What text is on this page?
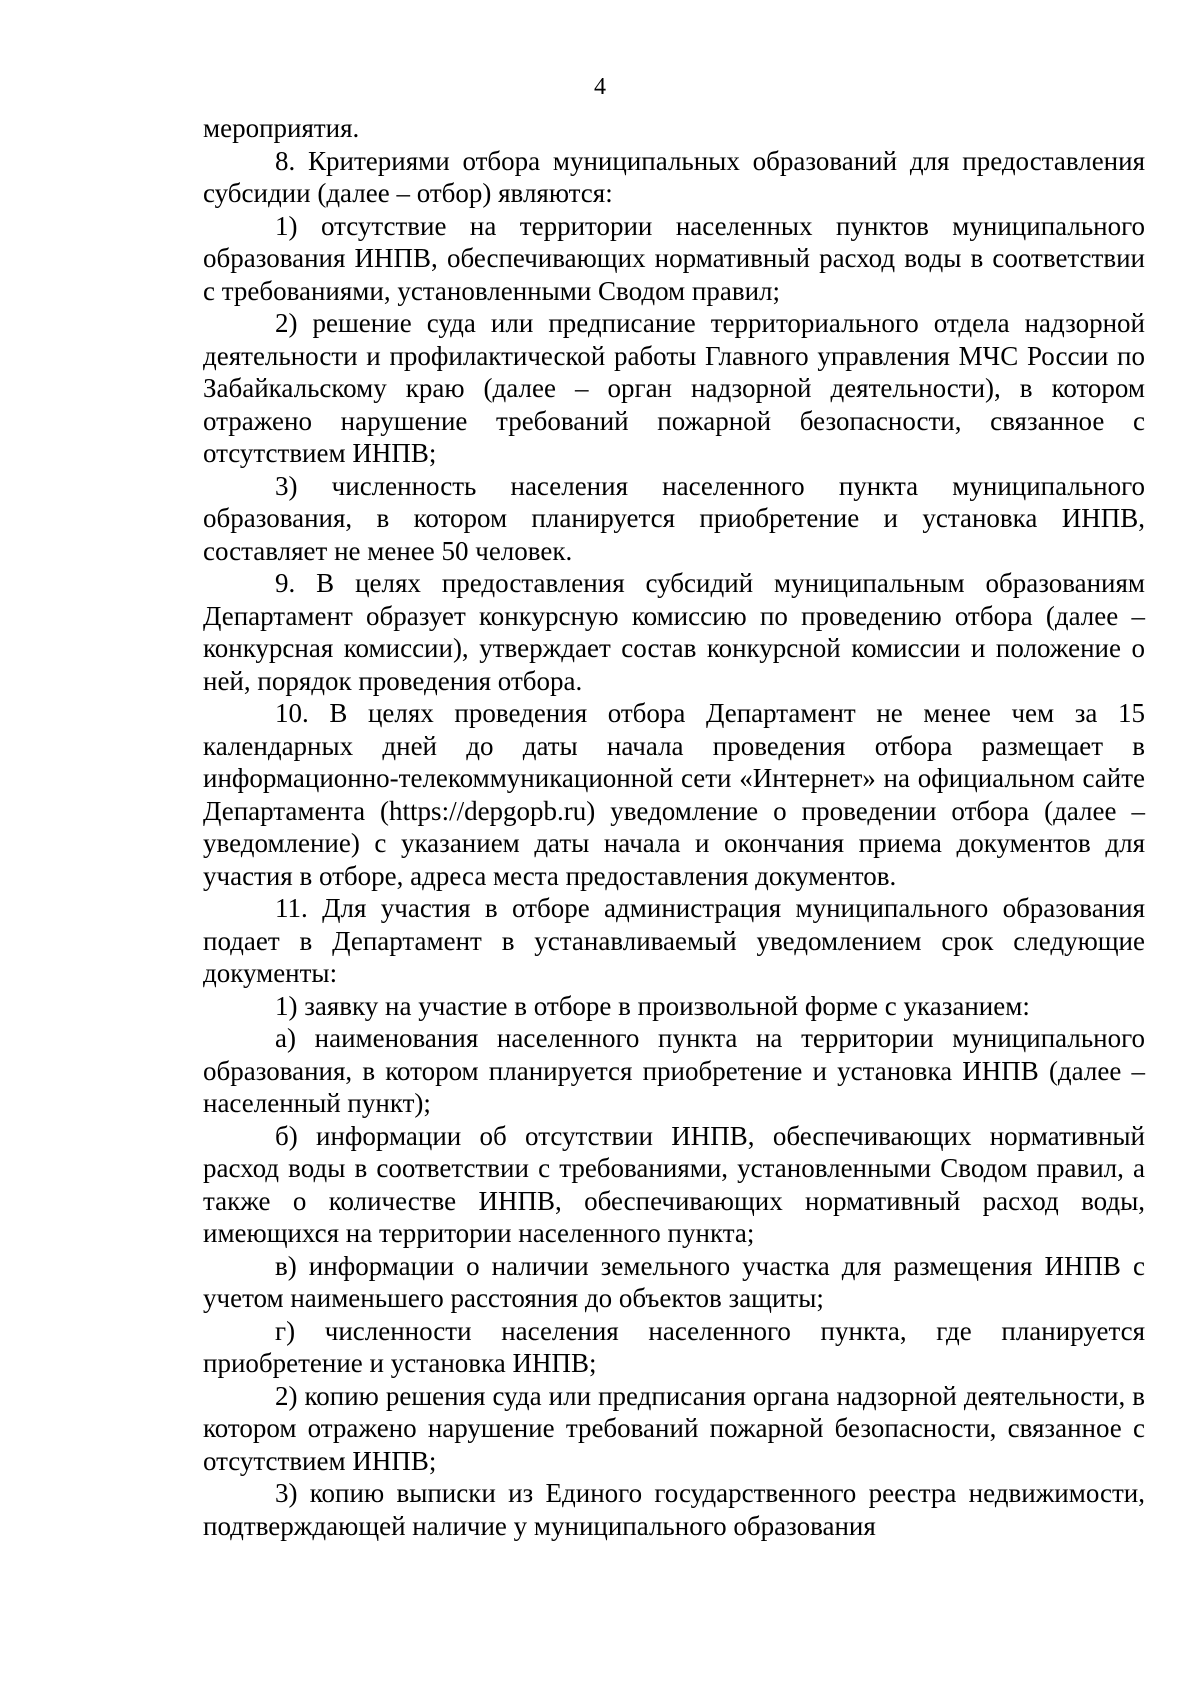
4

мероприятия.

8. Критериями отбора муниципальных образований для предоставления субсидии (далее – отбор) являются:

1) отсутствие на территории населенных пунктов муниципального образования ИНПВ, обеспечивающих нормативный расход воды в соответствии с требованиями, установленными Сводом правил;

2) решение суда или предписание территориального отдела надзорной деятельности и профилактической работы Главного управления МЧС России по Забайкальскому краю (далее – орган надзорной деятельности), в котором отражено нарушение требований пожарной безопасности, связанное с отсутствием ИНПВ;

3) численность населения населенного пункта муниципального образования, в котором планируется приобретение и установка ИНПВ, составляет не менее 50 человек.

9. В целях предоставления субсидий муниципальным образованиям Департамент образует конкурсную комиссию по проведению отбора (далее – конкурсная комиссии), утверждает состав конкурсной комиссии и положение о ней, порядок проведения отбора.

10. В целях проведения отбора Департамент не менее чем за 15 календарных дней до даты начала проведения отбора размещает в информационно-телекоммуникационной сети «Интернет» на официальном сайте Департамента (https://depgopb.ru) уведомление о проведении отбора (далее – уведомление) с указанием даты начала и окончания приема документов для участия в отборе, адреса места предоставления документов.

11. Для участия в отборе администрация муниципального образования подает в Департамент в устанавливаемый уведомлением срок следующие документы:

1) заявку на участие в отборе в произвольной форме с указанием:

а) наименования населенного пункта на территории муниципального образования, в котором планируется приобретение и установка ИНПВ (далее – населенный пункт);

б) информации об отсутствии ИНПВ, обеспечивающих нормативный расход воды в соответствии с требованиями, установленными Сводом правил, а также о количестве ИНПВ, обеспечивающих нормативный расход воды, имеющихся на территории населенного пункта;

в) информации о наличии земельного участка для размещения ИНПВ с учетом наименьшего расстояния до объектов защиты;

г) численности населения населенного пункта, где планируется приобретение и установка ИНПВ;

2) копию решения суда или предписания органа надзорной деятельности, в котором отражено нарушение требований пожарной безопасности, связанное с отсутствием ИНПВ;

3) копию выписки из Единого государственного реестра недвижимости, подтверждающей наличие у муниципального образования
